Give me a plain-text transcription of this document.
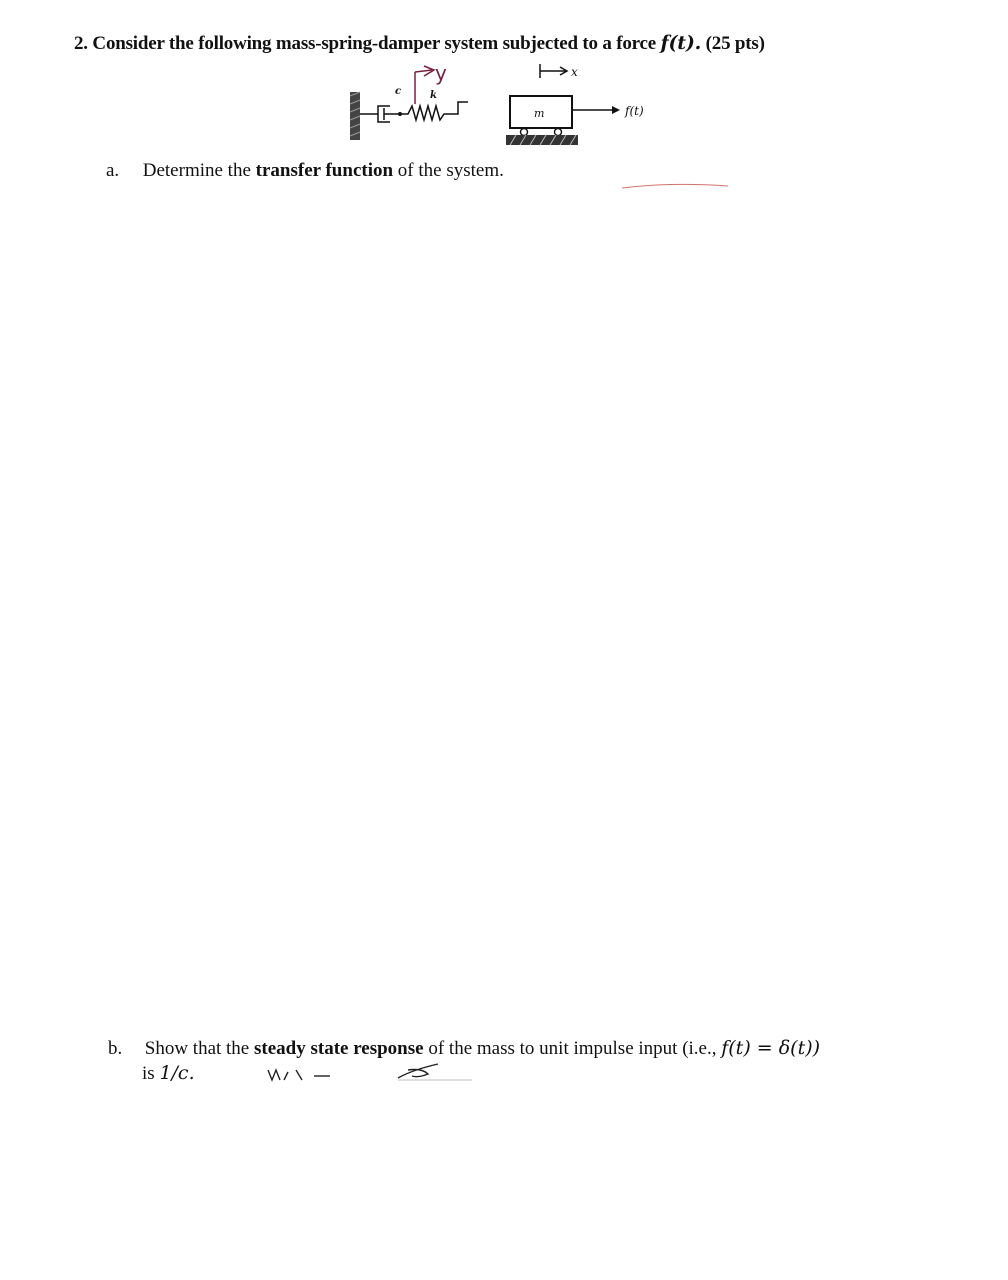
2. Consider the following mass-spring-damper system subjected to a force f(t). (25 pts)
c	k
y
m
x
f(t)
a. Determine the transfer function of the system.
b. Show that the steady state response of the mass to unit impulse input (i.e., f(t) = δ(t))
is 1/c.
